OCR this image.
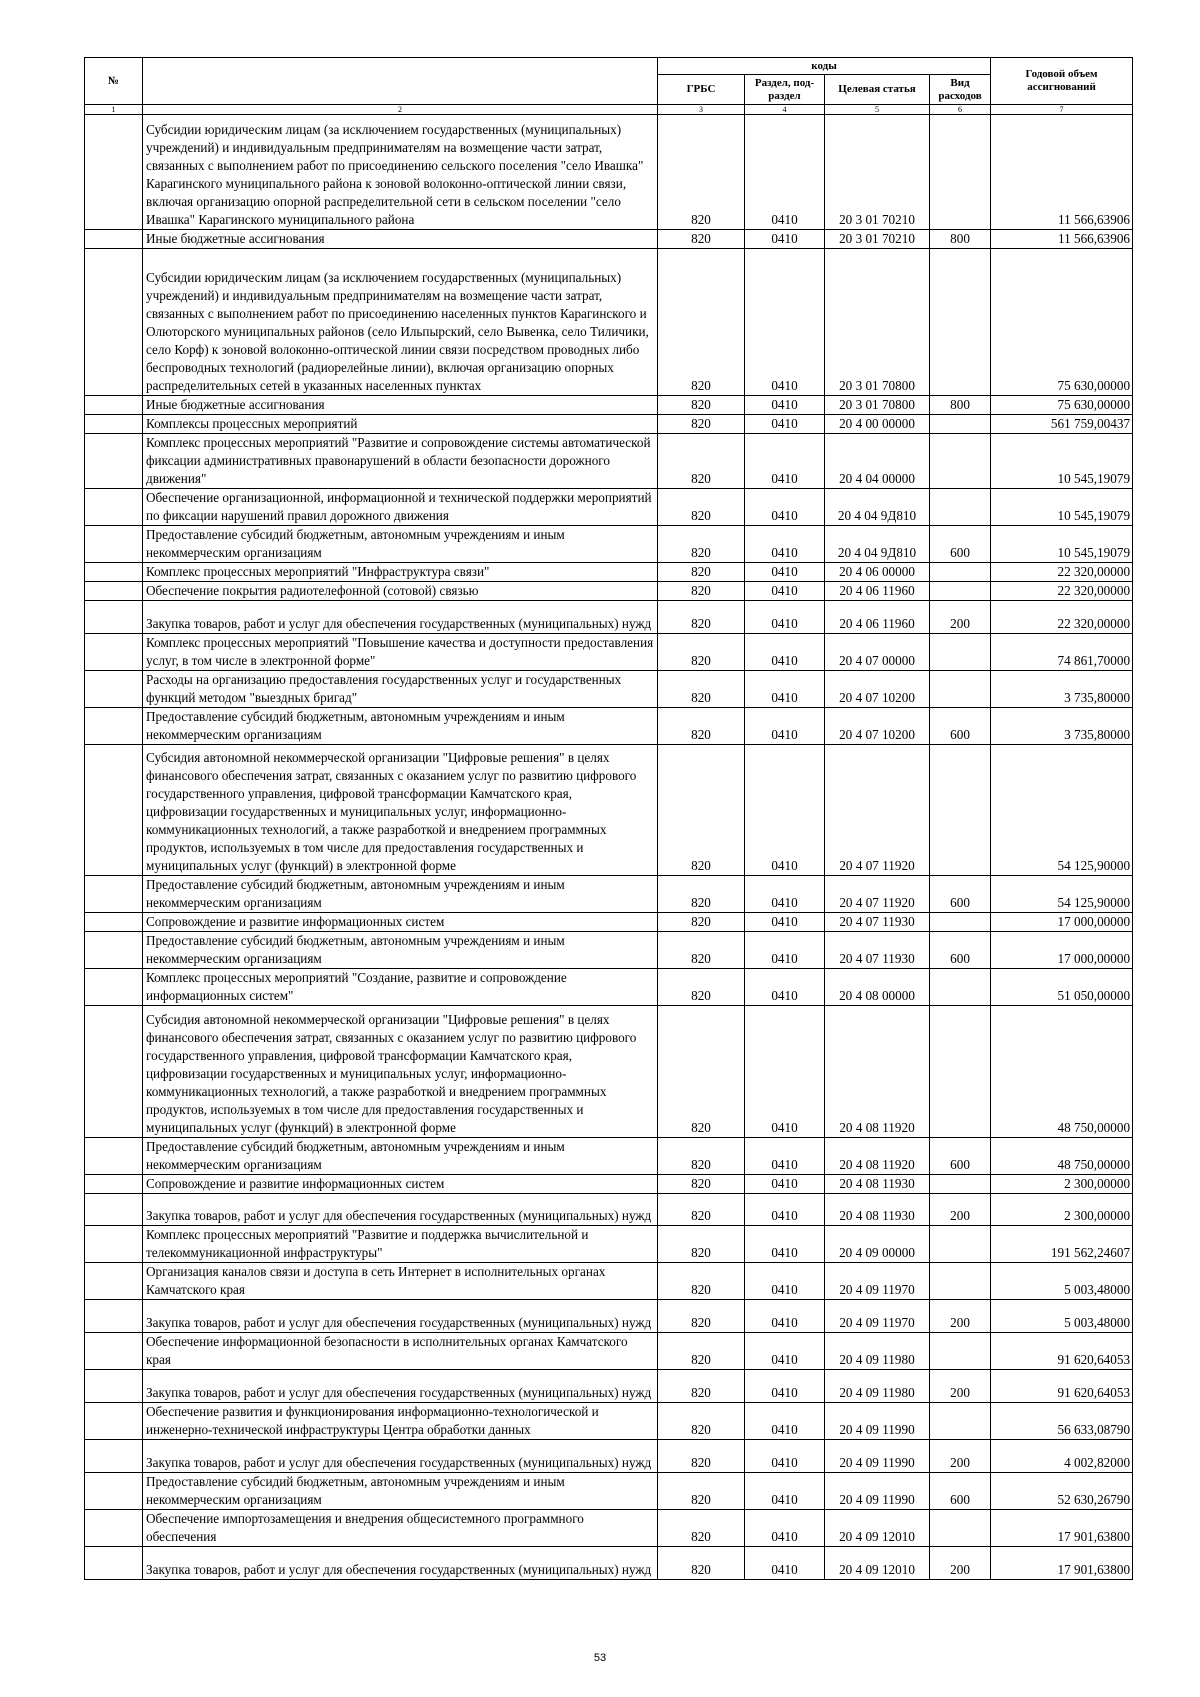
№		коды				Годовой объем ассигнований
		ГРБС	Раздел, под-раздел	Целевая статья	Вид расходов	
1	2	3	4	5	6	7
	Субсидии юридическим лицам (за исключением государственных (муниципальных) учреждений) и индивидуальным предпринимателям на возмещение части затрат, связанных с выполнением работ по присоединению сельского поселения "село Ивашка" Карагинского муниципального района к зоновой волоконно-оптической линии связи, включая организацию опорной распределительной сети в сельском поселении "село Ивашка" Карагинского муниципального района	820	0410	20 3 01 70210		11 566,63906
	Иные бюджетные ассигнования	820	0410	20 3 01 70210	800	11 566,63906
	Субсидии юридическим лицам (за исключением государственных (муниципальных) учреждений) и индивидуальным предпринимателям на возмещение части затрат, связанных с выполнением работ по присоединению населенных пунктов Карагинского и Олюторского муниципальных районов (село Ильпырский, село Вывенка, село Тиличики, село Корф) к зоновой волоконно-оптической линии связи посредством проводных либо беспроводных технологий (радиорелейные линии), включая организацию опорных распределительных сетей в указанных населенных пунктах	820	0410	20 3 01 70800		75 630,00000
	Иные бюджетные ассигнования	820	0410	20 3 01 70800	800	75 630,00000
	Комплексы процессных мероприятий	820	0410	20 4 00 00000		561 759,00437
	Комплекс процессных мероприятий "Развитие и сопровождение системы автоматической фиксации административных правонарушений в области безопасности дорожного движения"	820	0410	20 4 04 00000		10 545,19079
	Обеспечение организационной, информационной и технической поддержки мероприятий по фиксации нарушений правил дорожного движения	820	0410	20 4 04 9Д810		10 545,19079
	Предоставление субсидий бюджетным, автономным учреждениям и иным некоммерческим организациям	820	0410	20 4 04 9Д810	600	10 545,19079
	Комплекс процессных мероприятий "Инфраструктура связи"	820	0410	20 4 06 00000		22 320,00000
	Обеспечение покрытия радиотелефонной (сотовой) связью	820	0410	20 4 06 11960		22 320,00000
	Закупка товаров, работ и услуг для обеспечения государственных (муниципальных) нужд	820	0410	20 4 06 11960	200	22 320,00000
	Комплекс процессных мероприятий "Повышение качества и доступности предоставления услуг, в том числе в электронной форме"	820	0410	20 4 07 00000		74 861,70000
	Расходы на организацию предоставления государственных услуг и государственных функций методом "выездных бригад"	820	0410	20 4 07 10200		3 735,80000
	Предоставление субсидий бюджетным, автономным учреждениям и иным некоммерческим организациям	820	0410	20 4 07 10200	600	3 735,80000
	Субсидия автономной некоммерческой организации "Цифровые решения" в целях финансового обеспечения затрат, связанных с оказанием услуг по развитию цифрового государственного управления, цифровой трансформации Камчатского края, цифровизации государственных и муниципальных услуг, информационно-коммуникационных технологий, а также разработкой и внедрением программных продуктов, используемых в том числе для предоставления государственных и муниципальных услуг (функций) в электронной форме	820	0410	20 4 07 11920		54 125,90000
	Предоставление субсидий бюджетным, автономным учреждениям и иным некоммерческим организациям	820	0410	20 4 07 11920	600	54 125,90000
	Сопровождение и развитие информационных систем	820	0410	20 4 07 11930		17 000,00000
	Предоставление субсидий бюджетным, автономным учреждениям и иным некоммерческим организациям	820	0410	20 4 07 11930	600	17 000,00000
	Комплекс процессных мероприятий "Создание, развитие и сопровождение информационных систем"	820	0410	20 4 08 00000		51 050,00000
	Субсидия автономной некоммерческой организации "Цифровые решения" в целях финансового обеспечения затрат, связанных с оказанием услуг по развитию цифрового государственного управления, цифровой трансформации Камчатского края, цифровизации государственных и муниципальных услуг, информационно-коммуникационных технологий, а также разработкой и внедрением программных продуктов, используемых в том числе для предоставления государственных и муниципальных услуг (функций) в электронной форме	820	0410	20 4 08 11920		48 750,00000
	Предоставление субсидий бюджетным, автономным учреждениям и иным некоммерческим организациям	820	0410	20 4 08 11920	600	48 750,00000
	Сопровождение и развитие информационных систем	820	0410	20 4 08 11930		2 300,00000
	Закупка товаров, работ и услуг для обеспечения государственных (муниципальных) нужд	820	0410	20 4 08 11930	200	2 300,00000
	Комплекс процессных мероприятий "Развитие и поддержка вычислительной и телекоммуникационной инфраструктуры"	820	0410	20 4 09 00000		191 562,24607
	Организация каналов связи и доступа в сеть Интернет в исполнительных органах Камчатского края	820	0410	20 4 09 11970		5 003,48000
	Закупка товаров, работ и услуг для обеспечения государственных (муниципальных) нужд	820	0410	20 4 09 11970	200	5 003,48000
	Обеспечение информационной безопасности в исполнительных органах Камчатского края	820	0410	20 4 09 11980		91 620,64053
	Закупка товаров, работ и услуг для обеспечения государственных (муниципальных) нужд	820	0410	20 4 09 11980	200	91 620,64053
	Обеспечение развития и функционирования информационно-технологической и инженерно-технической инфраструктуры Центра обработки данных	820	0410	20 4 09 11990		56 633,08790
	Закупка товаров, работ и услуг для обеспечения государственных (муниципальных) нужд	820	0410	20 4 09 11990	200	4 002,82000
	Предоставление субсидий бюджетным, автономным учреждениям и иным некоммерческим организациям	820	0410	20 4 09 11990	600	52 630,26790
	Обеспечение импортозамещения и внедрения общесистемного программного обеспечения	820	0410	20 4 09 12010		17 901,63800
	Закупка товаров, работ и услуг для обеспечения государственных (муниципальных) нужд	820	0410	20 4 09 12010	200	17 901,63800
53
